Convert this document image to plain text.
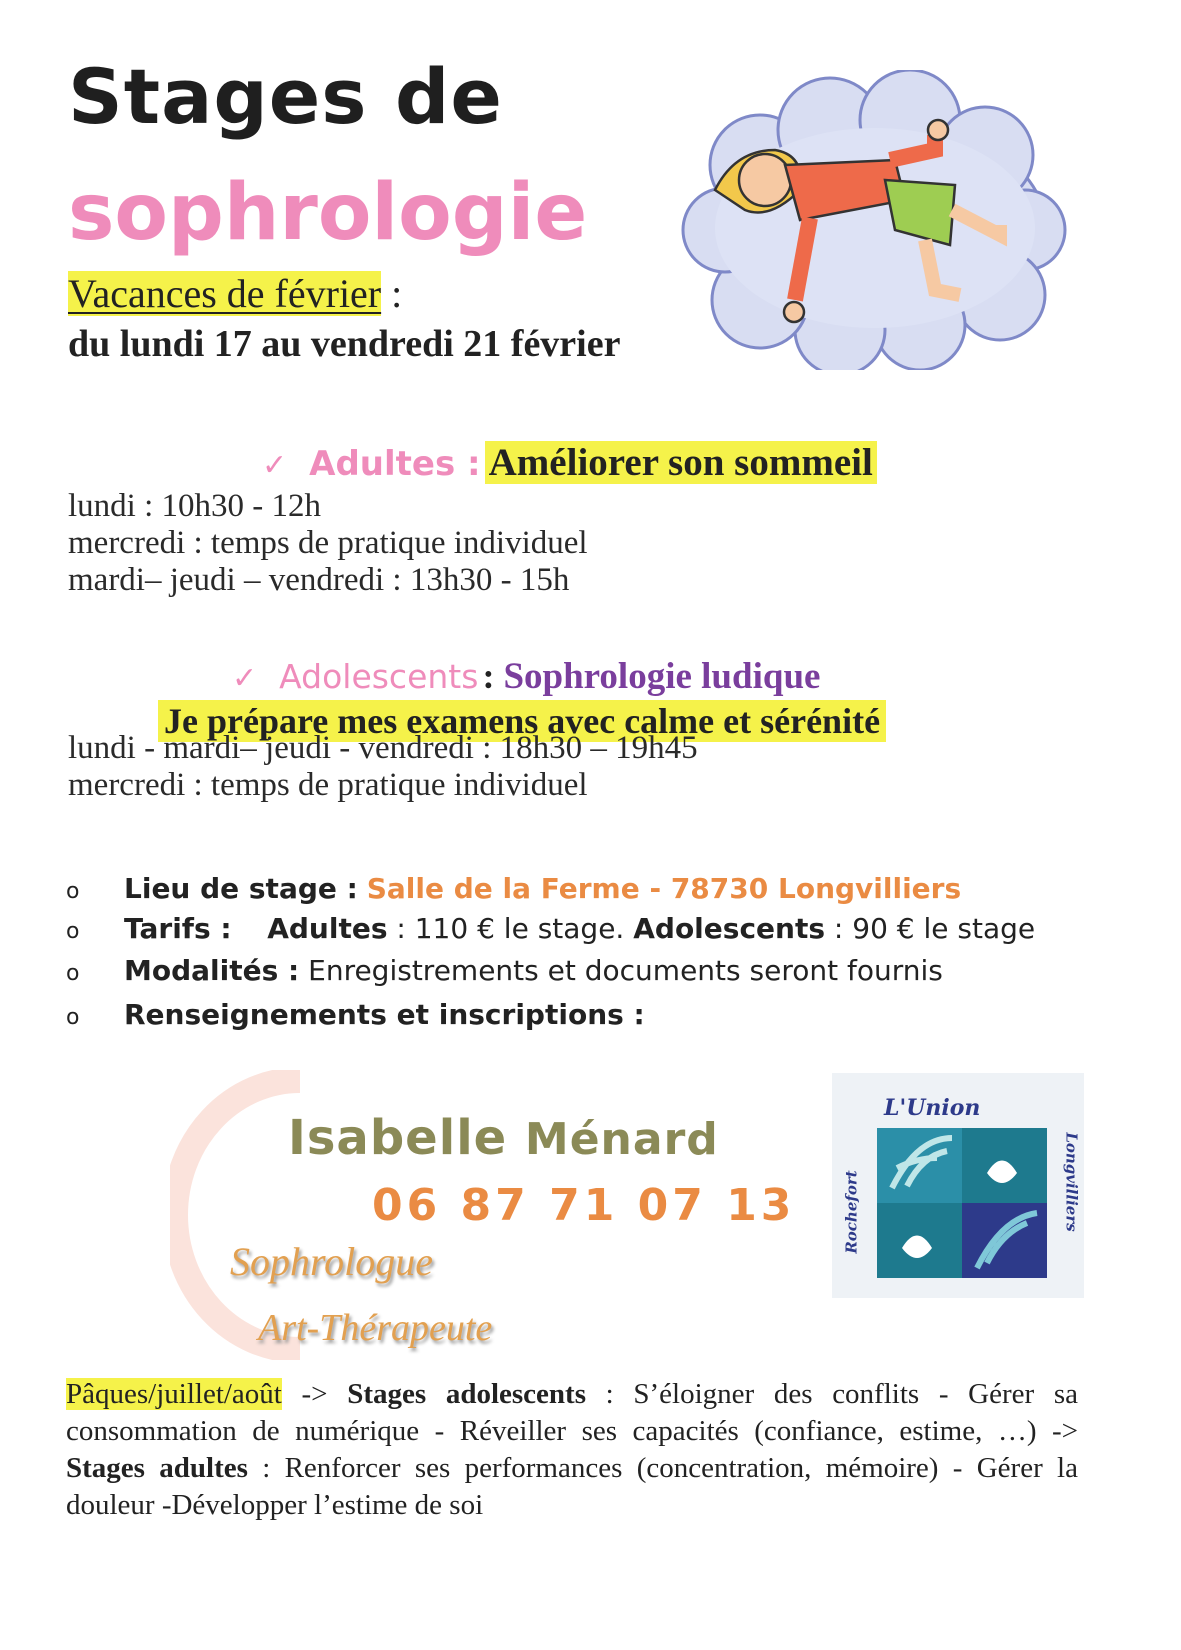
Stages de
sophrologie
Vacances de février :
du lundi 17 au vendredi 21 février
✓ Adultes : Améliorer son sommeil
lundi : 10h30 - 12h
mercredi : temps de pratique individuel
mardi– jeudi – vendredi : 13h30 - 15h
✓ Adolescents : Sophrologie ludique
Je prépare mes examens avec calme et sérénité
lundi - mardi– jeudi - vendredi : 18h30 – 19h45
mercredi : temps de pratique individuel
o Lieu de stage : Salle de la Ferme - 78730 Longvilliers
o Tarifs : Adultes : 110 € le stage. Adolescents : 90 € le stage
o Modalités : Enregistrements et documents seront fournis
o Renseignements et inscriptions :
Isabelle Ménard
06 87 71 07 13
Sophrologue
Art-Thérapeute
L'Union
Rochefort	Longvilliers
Pâques/juillet/août -> Stages adolescents : S’éloigner des conflits - Gérer sa consommation de numérique - Réveiller ses capacités (confiance, estime, …) -> Stages adultes : Renforcer ses performances (concentration, mémoire) - Gérer la douleur -Développer l’estime de soi
